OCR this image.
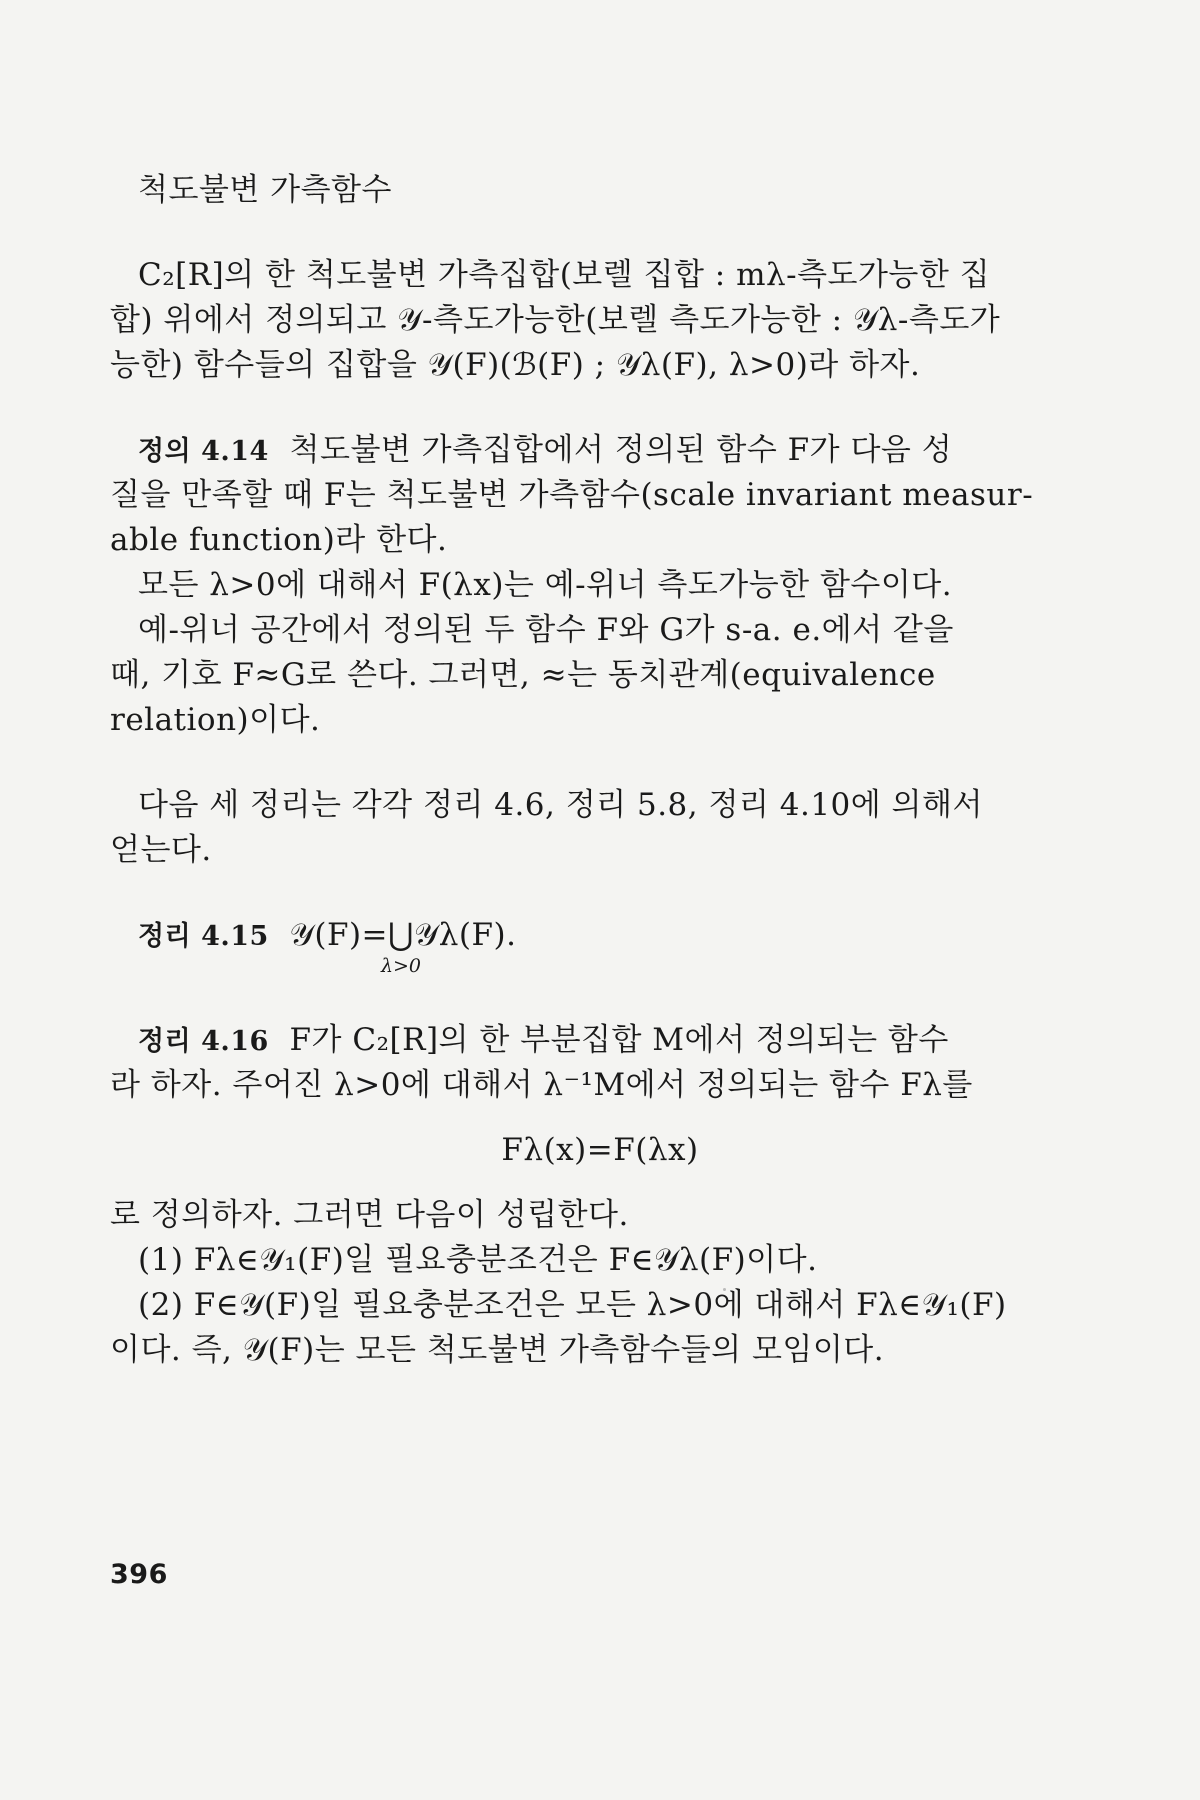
척도불변 가측함수
C₂[R]의 한 척도불변 가측집합(보렐 집합 : mλ-측도가능한 집
합) 위에서 정의되고 𝒴-측도가능한(보렐 측도가능한 : 𝒴λ-측도가
능한) 함수들의 집합을 𝒴(F)(ℬ(F) ; 𝒴λ(F), λ>0)라 하자.
정의 4.14 척도불변 가측집합에서 정의된 함수 F가 다음 성
질을 만족할 때 F는 척도불변 가측함수(scale invariant measur-
able function)라 한다.
모든 λ>0에 대해서 F(λx)는 예-위너 측도가능한 함수이다.
예-위너 공간에서 정의된 두 함수 F와 G가 s-a. e.에서 같을
때, 기호 F≈G로 쓴다. 그러면, ≈는 동치관계(equivalence
relation)이다.
다음 세 정리는 각각 정리 4.6, 정리 5.8, 정리 4.10에 의해서
얻는다.
정리 4.15 𝒴(F)=⋃𝒴λ(F).
λ>0
정리 4.16 F가 C₂[R]의 한 부분집합 M에서 정의되는 함수
라 하자. 주어진 λ>0에 대해서 λ⁻¹M에서 정의되는 함수 Fλ를
Fλ(x)=F(λx)
로 정의하자. 그러면 다음이 성립한다.
(1) Fλ∈𝒴₁(F)일 필요충분조건은 F∈𝒴λ(F)이다.
(2) F∈𝒴(F)일 필요충분조건은 모든 λ>0에 대해서 Fλ∈𝒴₁(F)
이다. 즉, 𝒴(F)는 모든 척도불변 가측함수들의 모임이다.
396
